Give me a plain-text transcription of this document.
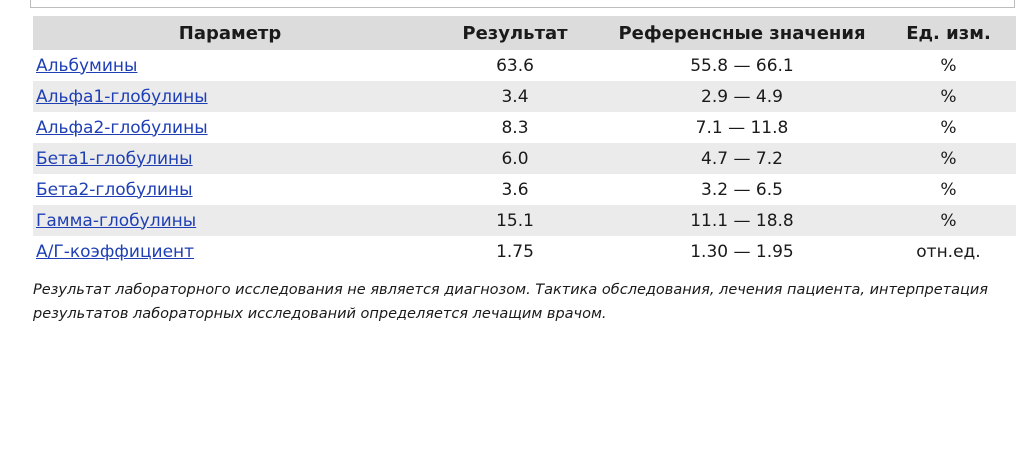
Параметр	Результат	Референсные значения	Ед. изм.
Альбумины	63.6	55.8 — 66.1	%
Альфа1-глобулины	3.4	2.9 — 4.9	%
Альфа2-глобулины	8.3	7.1 — 11.8	%
Бета1-глобулины	6.0	4.7 — 7.2	%
Бета2-глобулины	3.6	3.2 — 6.5	%
Гамма-глобулины	15.1	11.1 — 18.8	%
А/Г-коэффициент	1.75	1.30 — 1.95	отн.ед.
Результат лабораторного исследования не является диагнозом. Тактика обследования, лечения пациента, интерпретация результатов лабораторных исследований определяется лечащим врачом.
